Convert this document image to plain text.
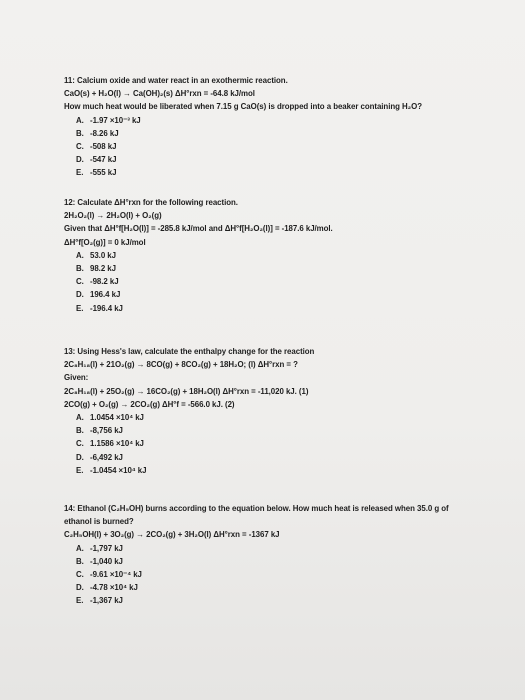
11: Calcium oxide and water react in an exothermic reaction.
CaO(s) + H₂O(l) → Ca(OH)₂(s) ΔH°rxn = -64.8 kJ/mol
How much heat would be liberated when 7.15 g CaO(s) is dropped into a beaker containing H₂O?
A. -1.97 ×10⁻³ kJ
B. -8.26 kJ
C. -508 kJ
D. -547 kJ
E. -555 kJ
12: Calculate ΔH°rxn for the following reaction.
2H₂O₂(l) → 2H₂O(l) + O₂(g)
Given that ΔH°f[H₂O(l)] = -285.8 kJ/mol and ΔH°f[H₂O₂(l)] = -187.6 kJ/mol.
ΔH°f[O₂(g)] = 0 kJ/mol
A. 53.0 kJ
B. 98.2 kJ
C. -98.2 kJ
D. 196.4 kJ
E. -196.4 kJ
13: Using Hess's law, calculate the enthalpy change for the reaction
2C₈H₁₈(l) + 21O₂(g) → 8CO(g) + 8CO₂(g) + 18H₂O; (l) ΔH°rxn = ?
Given:
2C₈H₁₈(l) + 25O₂(g) → 16CO₂(g) + 18H₂O(l) ΔH°rxn = -11,020 kJ. (1)
2CO(g) + O₂(g) → 2CO₂(g) ΔH°f = -566.0 kJ. (2)
A. 1.0454 ×10⁴ kJ
B. -8,756 kJ
C. 1.1586 ×10⁴ kJ
D. -6,492 kJ
E. -1.0454 ×10⁴ kJ
14: Ethanol (C₂H₅OH) burns according to the equation below. How much heat is released when 35.0 g of
ethanol is burned?
C₂H₅OH(l) + 3O₂(g) → 2CO₂(g) + 3H₂O(l) ΔH°rxn = -1367 kJ
A. -1,797 kJ
B. -1,040 kJ
C. -9.61 ×10⁻⁴ kJ
D. -4.78 ×10⁴ kJ
E. -1,367 kJ
